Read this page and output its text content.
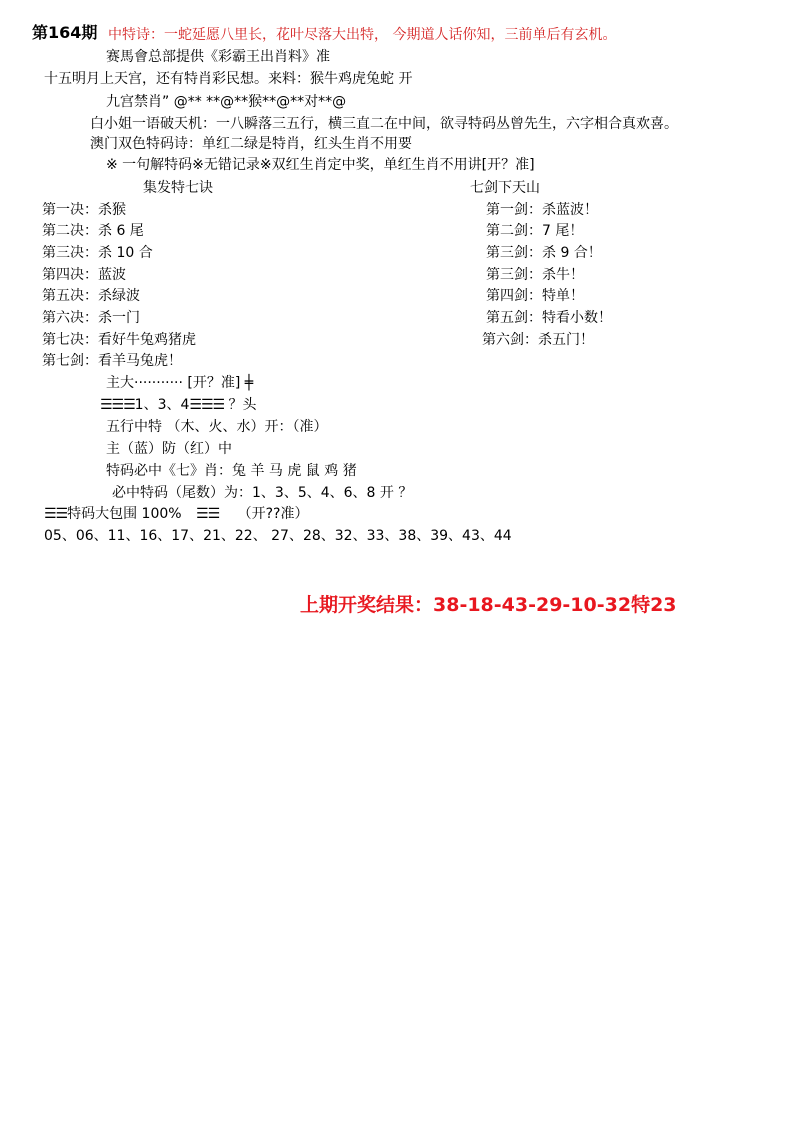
第164期 中特诗：一蛇延愿八里长，花叶尽落大出特， 今期道人话你知，三前单后有玄机。
赛馬會总部提供《彩霸王出肖料》准
十五明月上天宫，还有特肖彩民想。来料：猴牛鸡虎兔蛇 开
九宫禁肖” @** **@**猴**@**对**@
白小姐一语破天机：一八瞬落三五行，横三直二在中间，欲寻特码丛曾先生，六字相合真欢喜。
澳门双色特码诗：单红二绿是特肖，红头生肖不用要
※ 一句解特码※无错记录※双红生肖定中奖，单红生肖不用讲[开？准]
集发特七诀	七剑下天山
第一决：杀猴
第二决：杀 6 尾
第三决：杀 10 合
第四决：蓝波
第五决：杀绿波
第六决：杀一门
第七决：看好牛兔鸡猪虎
第七剑：看羊马兔虎！
第一剑：杀蓝波！
第二剑：7 尾！
第三剑：杀 9 合！
第三剑：杀牛！
第四剑：特单！
第五剑：特看小数！
第六剑：杀五门！
主大··········· [开？准] ╪
☰☰☰1、3、4☰☰☰ ？头
五行中特 （木、火、水）开：（准）
主（蓝）防（红）中
特码必中《七》肖：兔 羊 马 虎 鼠 鸡 猪
必中特码（尾数）为：1、3、5、4、6、8 开 ？
☰☰特码大包围 100% ☰☰ （开??准）
05、06、11、16、17、21、22、 27、28、32、33、38、39、43、44
上期开奖结果：38-18-43-29-10-32特23
